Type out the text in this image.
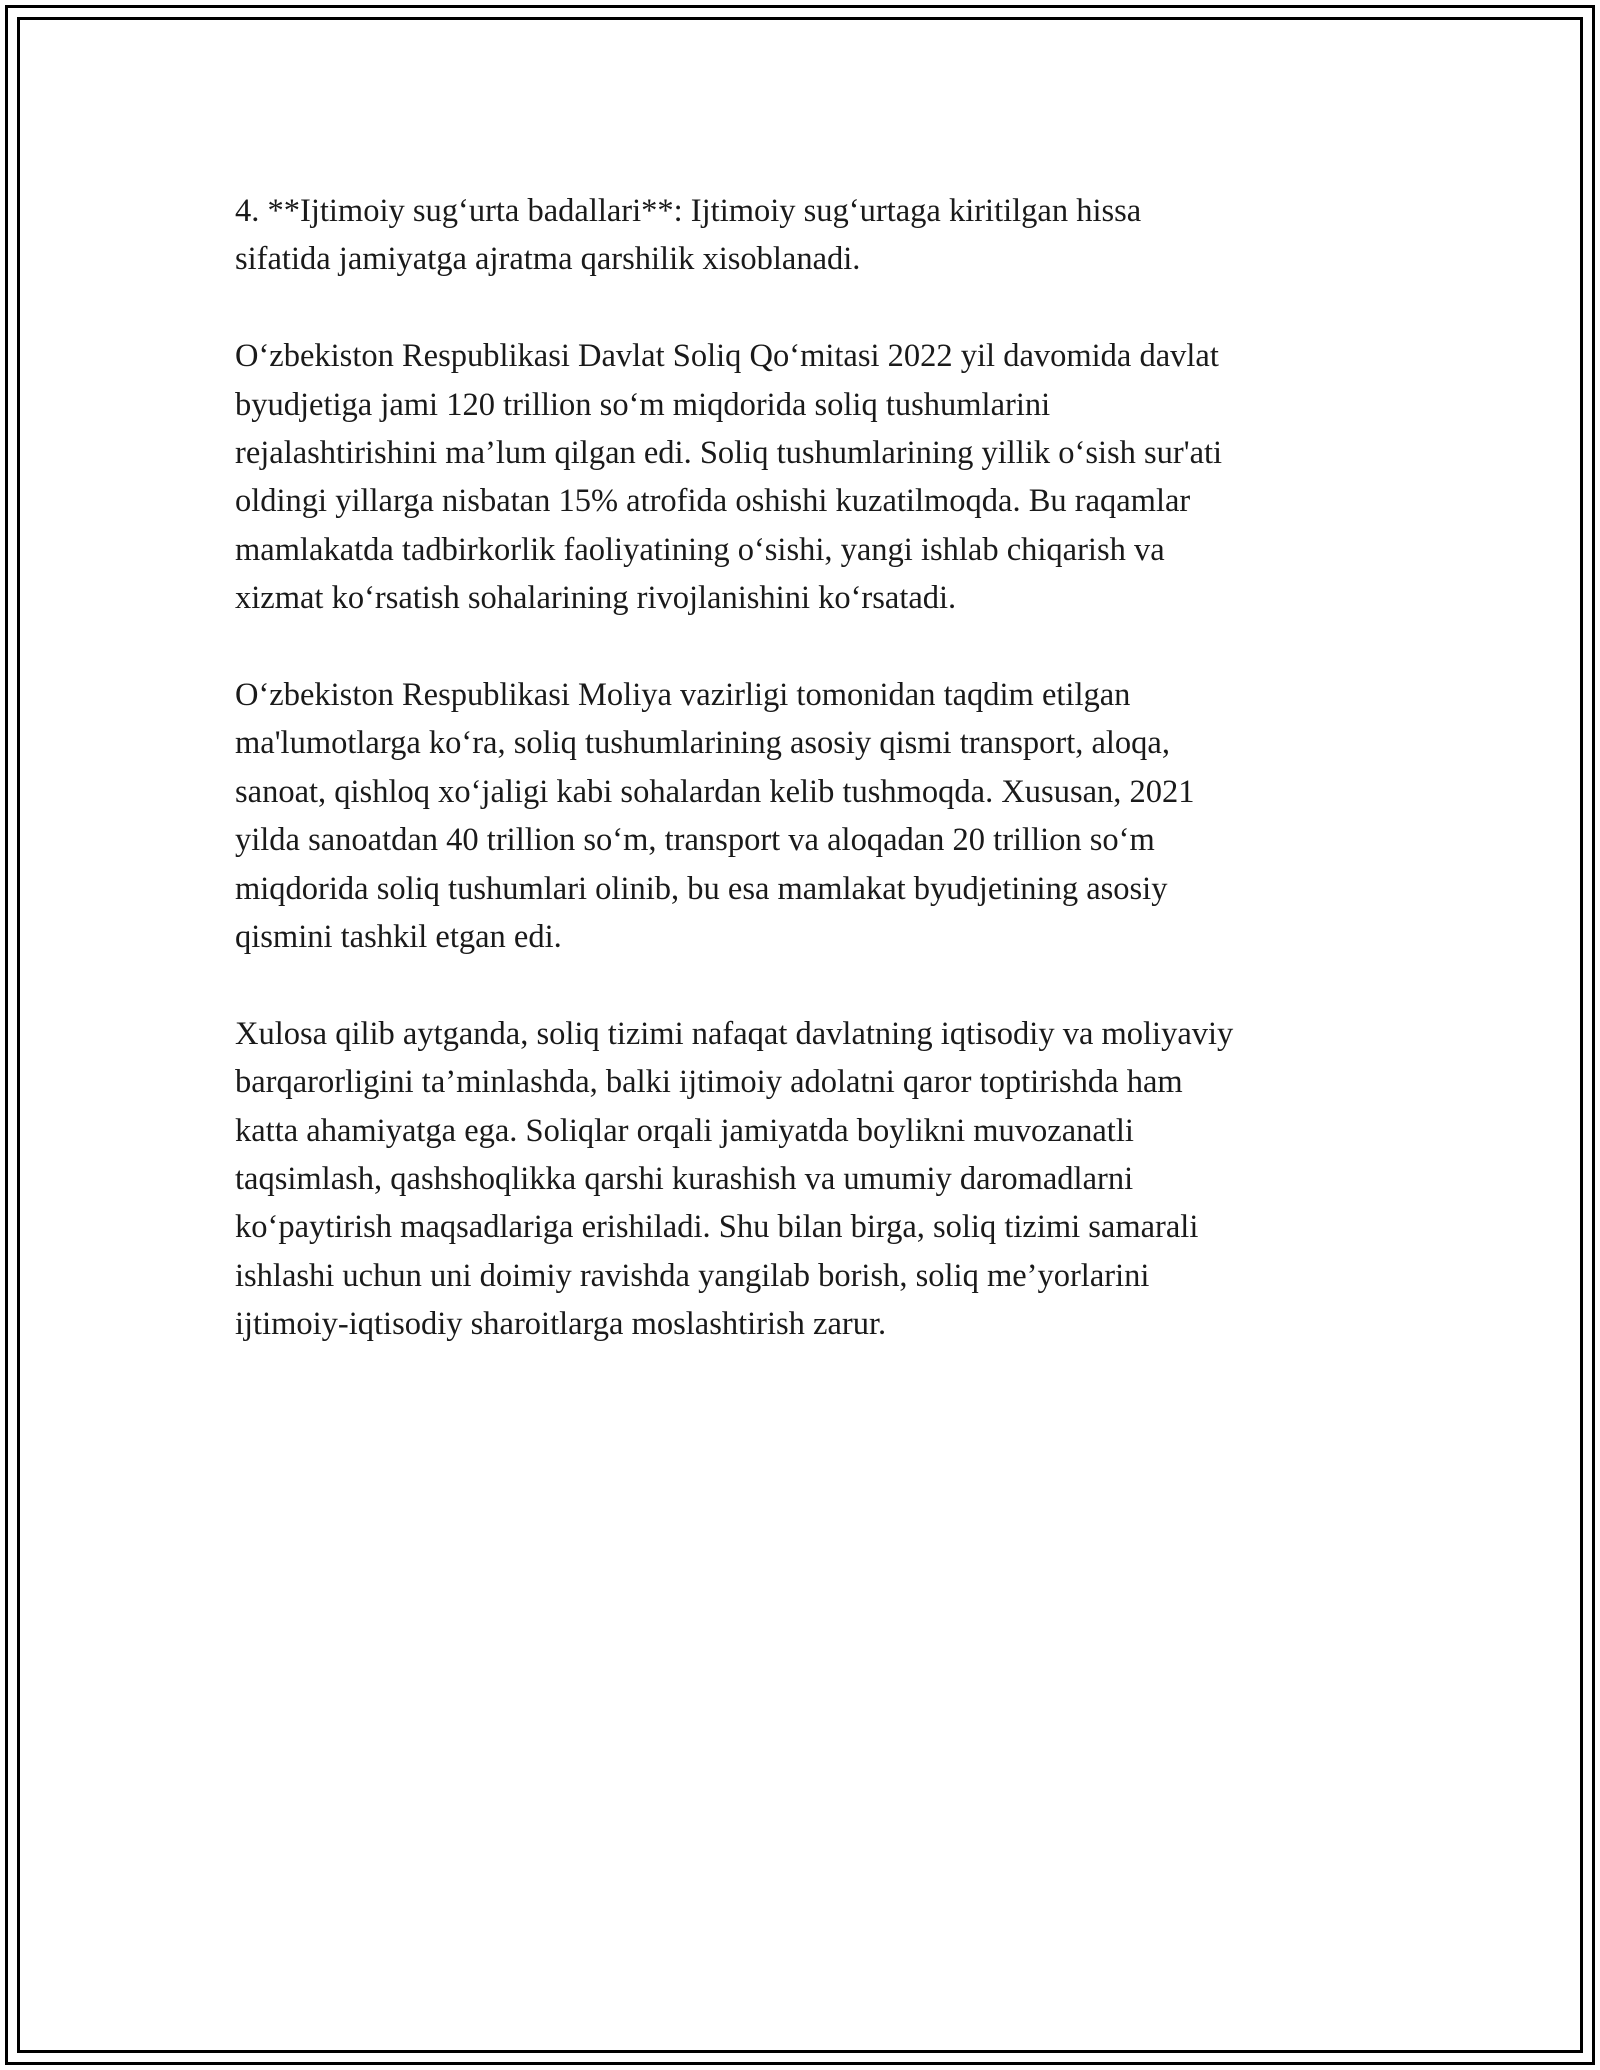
4. **Ijtimoiy sug‘urta badallari**: Ijtimoiy sug‘urtaga kiritilgan hissa
sifatida jamiyatga ajratma qarshilik xisoblanadi.

O‘zbekiston Respublikasi Davlat Soliq Qo‘mitasi 2022 yil davomida davlat
byudjetiga jami 120 trillion so‘m miqdorida soliq tushumlarini
rejalashtirishini ma’lum qilgan edi. Soliq tushumlarining yillik o‘sish sur'ati
oldingi yillarga nisbatan 15% atrofida oshishi kuzatilmoqda. Bu raqamlar
mamlakatda tadbirkorlik faoliyatining o‘sishi, yangi ishlab chiqarish va
xizmat ko‘rsatish sohalarining rivojlanishini ko‘rsatadi.

O‘zbekiston Respublikasi Moliya vazirligi tomonidan taqdim etilgan
ma'lumotlarga ko‘ra, soliq tushumlarining asosiy qismi transport, aloqa,
sanoat, qishloq xo‘jaligi kabi sohalardan kelib tushmoqda. Xususan, 2021
yilda sanoatdan 40 trillion so‘m, transport va aloqadan 20 trillion so‘m
miqdorida soliq tushumlari olinib, bu esa mamlakat byudjetining asosiy
qismini tashkil etgan edi.

Xulosa qilib aytganda, soliq tizimi nafaqat davlatning iqtisodiy va moliyaviy
barqarorligini ta’minlashda, balki ijtimoiy adolatni qaror toptirishda ham
katta ahamiyatga ega. Soliqlar orqali jamiyatda boylikni muvozanatli
taqsimlash, qashshoqlikka qarshi kurashish va umumiy daromadlarni
ko‘paytirish maqsadlariga erishiladi. Shu bilan birga, soliq tizimi samarali
ishlashi uchun uni doimiy ravishda yangilab borish, soliq me’yorlarini
ijtimoiy-iqtisodiy sharoitlarga moslashtirish zarur.
